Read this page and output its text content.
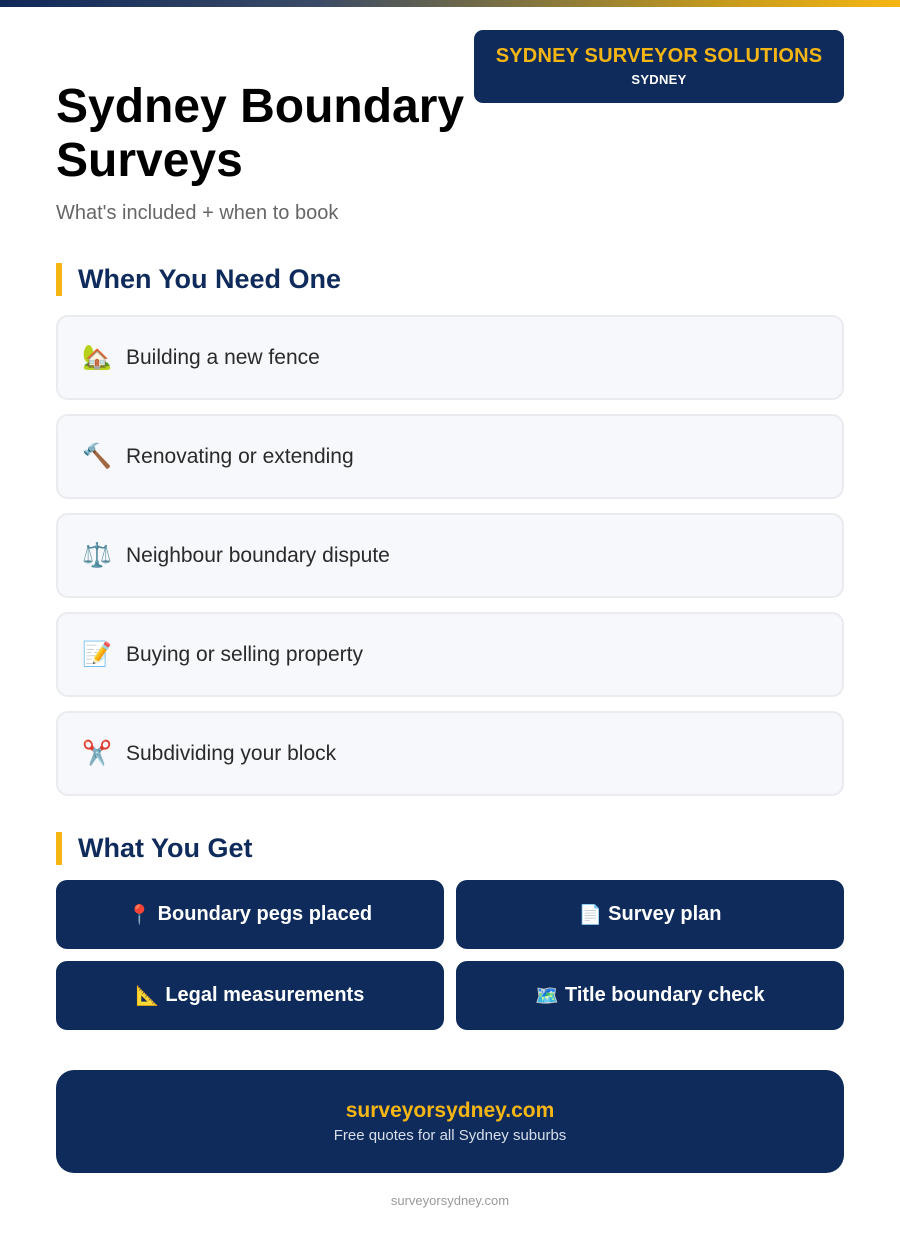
SYDNEY SURVEYOR SOLUTIONS
SYDNEY
Sydney Boundary Surveys
What's included + when to book
When You Need One
🏡 Building a new fence
🔨 Renovating or extending
⚖️ Neighbour boundary dispute
📝 Buying or selling property
✂️ Subdividing your block
What You Get
📍 Boundary pegs placed	📄 Survey plan
📐 Legal measurements	🗺️ Title boundary check
surveyorsydney.com
Free quotes for all Sydney suburbs
surveyorsydney.com
